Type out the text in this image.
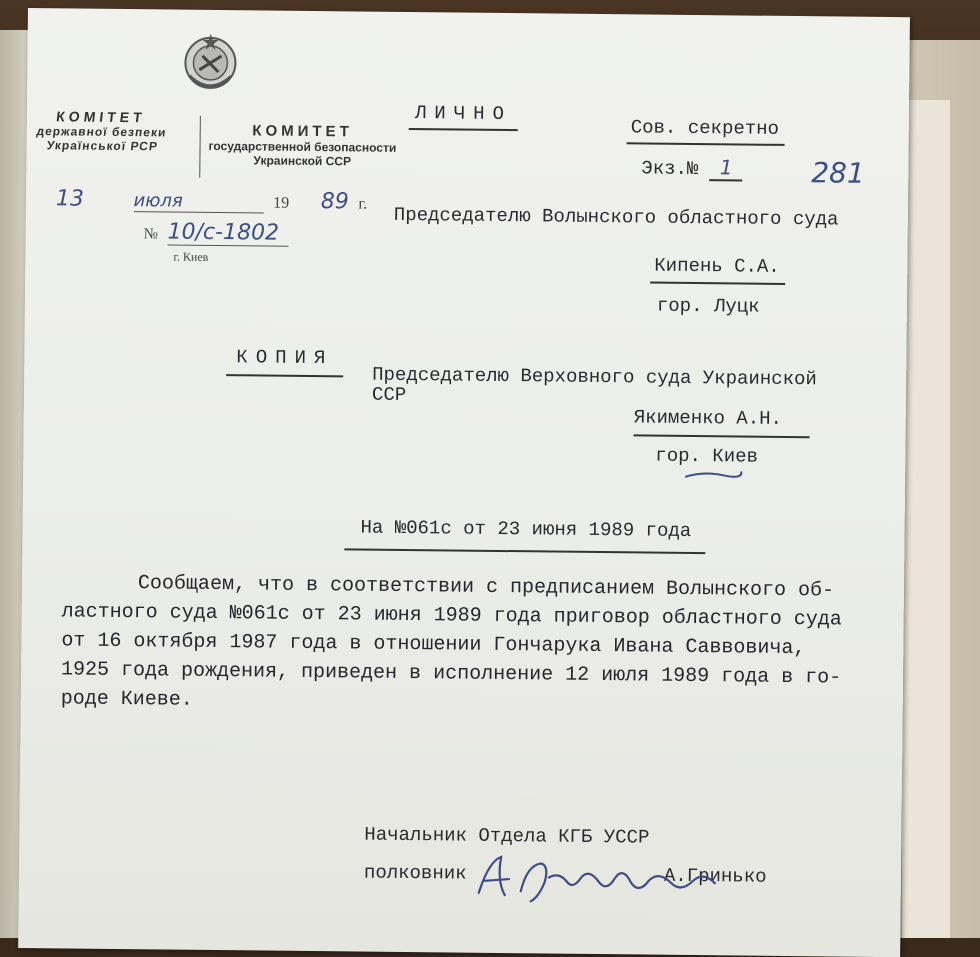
КОМІТЕТ
державної безпеки
Української РСР
КОМИТЕТ
государственной безопасности
Украинской ССР
ЛИЧНО
Сов. секретно
Экз.№ 1	281
13	июля	19 89 г.
№ 10/с-1802
г. Киев
Председателю Волынского областного суда
Кипень С.А.
гор. Луцк
КОПИЯ
Председателю Верховного суда Украинской
ССР
Якименко А.Н.
гор. Киев
На №061с от 23 июня 1989 года

Сообщаем, что в соответствии с предписанием Волынского об-

ластного суда №061с от 23 июня 1989 года приговор областного суда

от 16 октября 1987 года в отношении Гончарука Ивана Саввовича,

1925 года рождения, приведен в исполнение 12 июля 1989 года в го-

роде Киеве.

Начальник Отдела КГБ УССР
полковник	А.Гринько
